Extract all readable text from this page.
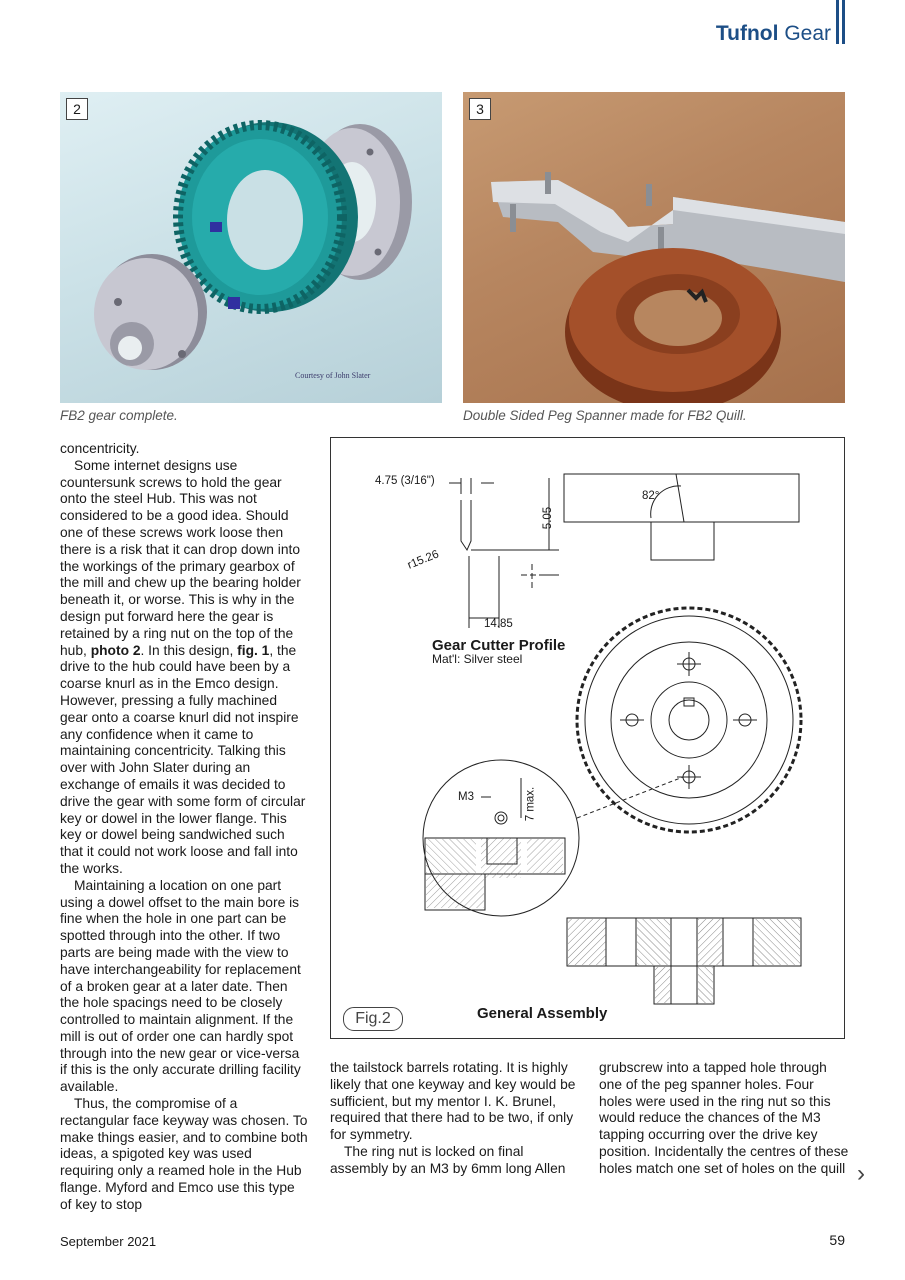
Tufnol Gear
Courtesy of John Slater
2	3
FB2 gear complete.	Double Sided Peg Spanner made for FB2 Quill.

concentricity.

Some internet designs use countersunk screws to hold the gear onto the steel Hub. This was not considered to be a good idea. Should one of these screws work loose then there is a risk that it can drop down into the workings of the primary gearbox of the mill and chew up the bearing holder beneath it, or worse. This is why in the design put forward here the gear is retained by a ring nut on the top of the hub, photo 2. In this design, fig. 1, the drive to the hub could have been by a coarse knurl as in the Emco design. However, pressing a fully machined gear onto a coarse knurl did not inspire any confidence when it came to maintaining concentricity. Talking this over with John Slater during an exchange of emails it was decided to drive the gear with some form of circular key or dowel in the lower flange. This key or dowel being sandwiched such that it could not work loose and fall into the works.

Maintaining a location on one part using a dowel offset to the main bore is fine when the hole in one part can be spotted through into the other. If two parts are being made with the view to have interchangeability for replacement of a broken gear at a later date. Then the hole spacings need to be closely controlled to maintain alignment. If the mill is out of order one can hardly spot through into the new gear or vice-versa if this is the only accurate drilling facility available.

Thus, the compromise of a rectangular face keyway was chosen. To make things easier, and to combine both ideas, a spigoted key was used requiring only a reamed hole in the Hub flange. Myford and Emco use this type of key to stop

4.75 (3/16")
5.05
r15.26
14.85
82°
M3	7 max.
Gear Cutter Profile
Mat'l: Silver steel
Fig.2	General Assembly

the tailstock barrels rotating. It is highly likely that one keyway and key would be sufficient, but my mentor I. K. Brunel, required that there had to be two, if only for symmetry.

The ring nut is locked on final assembly by an M3 by 6mm long Allen

grubscrew into a tapped hole through one of the peg spanner holes. Four holes were used in the ring nut so this would reduce the chances of the M3 tapping occurring over the drive key position. Incidentally the centres of these holes match one set of holes on the quill ›
September 2021	59
